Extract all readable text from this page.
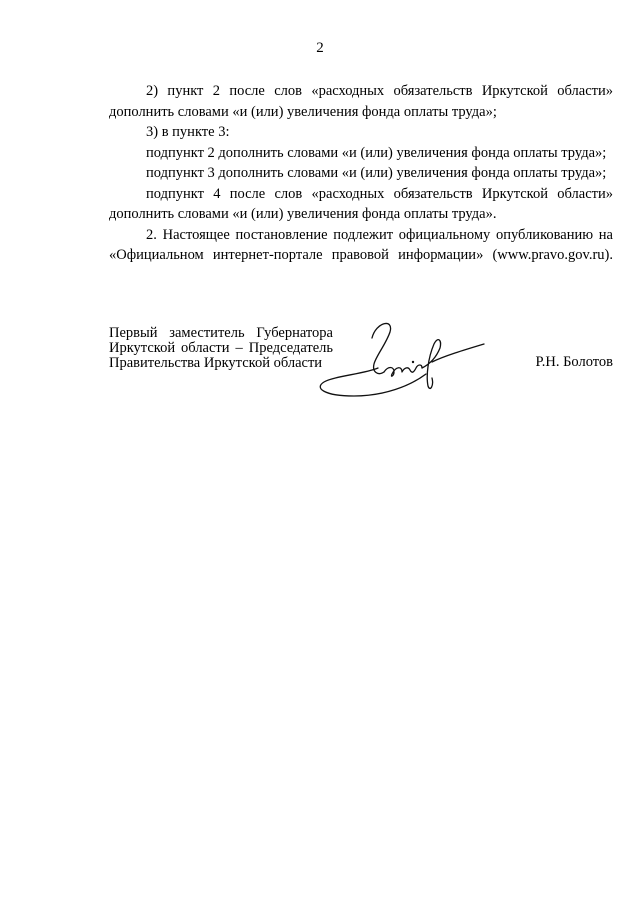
2

2) пункт 2 после слов «расходных обязательств Иркутской области» дополнить словами «и (или) увеличения фонда оплаты труда»;

3) в пункте 3:

подпункт 2 дополнить словами «и (или) увеличения фонда оплаты труда»;

подпункт 3 дополнить словами «и (или) увеличения фонда оплаты труда»;

подпункт 4 после слов «расходных обязательств Иркутской области» дополнить словами «и (или) увеличения фонда оплаты труда».

2. Настоящее постановление подлежит официальному опубликованию на «Официальном интернет-портале правовой информации» (www.pravo.gov.ru).

Первый заместитель Губернатора
Иркутской области – Председатель
Правительства Иркутской области	Р.Н. Болотов
